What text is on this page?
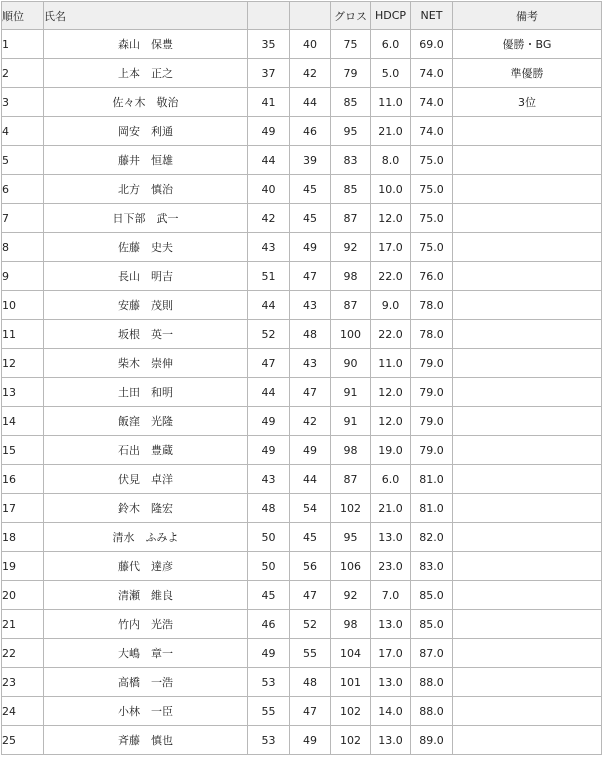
順位	氏名			グロス	HDCP	NET	備考
1	森山　保豊	35	40	75	6.0	69.0	優勝・BG
2	上本　正之	37	42	79	5.0	74.0	準優勝
3	佐々木　敬治	41	44	85	11.0	74.0	3位
4	岡安　利通	49	46	95	21.0	74.0	
5	藤井　恒雄	44	39	83	8.0	75.0	
6	北方　慎治	40	45	85	10.0	75.0	
7	日下部　武一	42	45	87	12.0	75.0	
8	佐藤　史夫	43	49	92	17.0	75.0	
9	長山　明吉	51	47	98	22.0	76.0	
10	安藤　茂則	44	43	87	9.0	78.0	
11	坂根　英一	52	48	100	22.0	78.0	
12	柴木　崇伸	47	43	90	11.0	79.0	
13	土田　和明	44	47	91	12.0	79.0	
14	飯窪　光隆	49	42	91	12.0	79.0	
15	石出　豊蔵	49	49	98	19.0	79.0	
16	伏見　卓洋	43	44	87	6.0	81.0	
17	鈴木　隆宏	48	54	102	21.0	81.0	
18	清水　ふみよ	50	45	95	13.0	82.0	
19	藤代　達彦	50	56	106	23.0	83.0	
20	清瀬　維良	45	47	92	7.0	85.0	
21	竹内　光浩	46	52	98	13.0	85.0	
22	大嶋　章一	49	55	104	17.0	87.0	
23	高橋　一浩	53	48	101	13.0	88.0	
24	小林　一臣	55	47	102	14.0	88.0	
25	斉藤　慎也	53	49	102	13.0	89.0	
